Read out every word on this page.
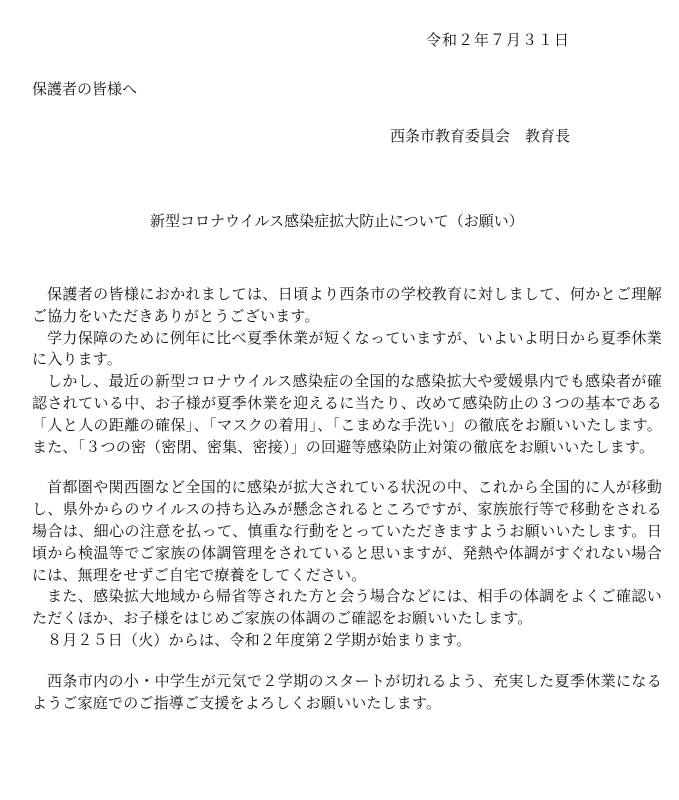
令和２年７月３１日
保護者の皆様へ
西条市教育委員会　教育長
新型コロナウイルス感染症拡大防止について（お願い）

保護者の皆様におかれましては、日頃より西条市の学校教育に対しまして、何かとご理解ご協力をいただきありがとうございます。

学力保障のために例年に比べ夏季休業が短くなっていますが、いよいよ明日から夏季休業に入ります。

しかし、最近の新型コロナウイルス感染症の全国的な感染拡大や愛媛県内でも感染者が確認されている中、お子様が夏季休業を迎えるに当たり、改めて感染防止の３つの基本である「人と人の距離の確保」、「マスクの着用」、「こまめな手洗い」の徹底をお願いいたします。また、「３つの密（密閉、密集、密接）」の回避等感染防止対策の徹底をお願いいたします。

首都圏や関西圏など全国的に感染が拡大されている状況の中、これから全国的に人が移動し、県外からのウイルスの持ち込みが懸念されるところですが、家族旅行等で移動をされる場合は、細心の注意を払って、慎重な行動をとっていただきますようお願いいたします。日頃から検温等でご家族の体調管理をされていると思いますが、発熱や体調がすぐれない場合には、無理をせずご自宅で療養をしてください。

また、感染拡大地域から帰省等された方と会う場合などには、相手の体調をよくご確認いただくほか、お子様をはじめご家族の体調のご確認をお願いいたします。

８月２５日（火）からは、令和２年度第２学期が始まります。

西条市内の小・中学生が元気で２学期のスタートが切れるよう、充実した夏季休業になるようご家庭でのご指導ご支援をよろしくお願いいたします。
